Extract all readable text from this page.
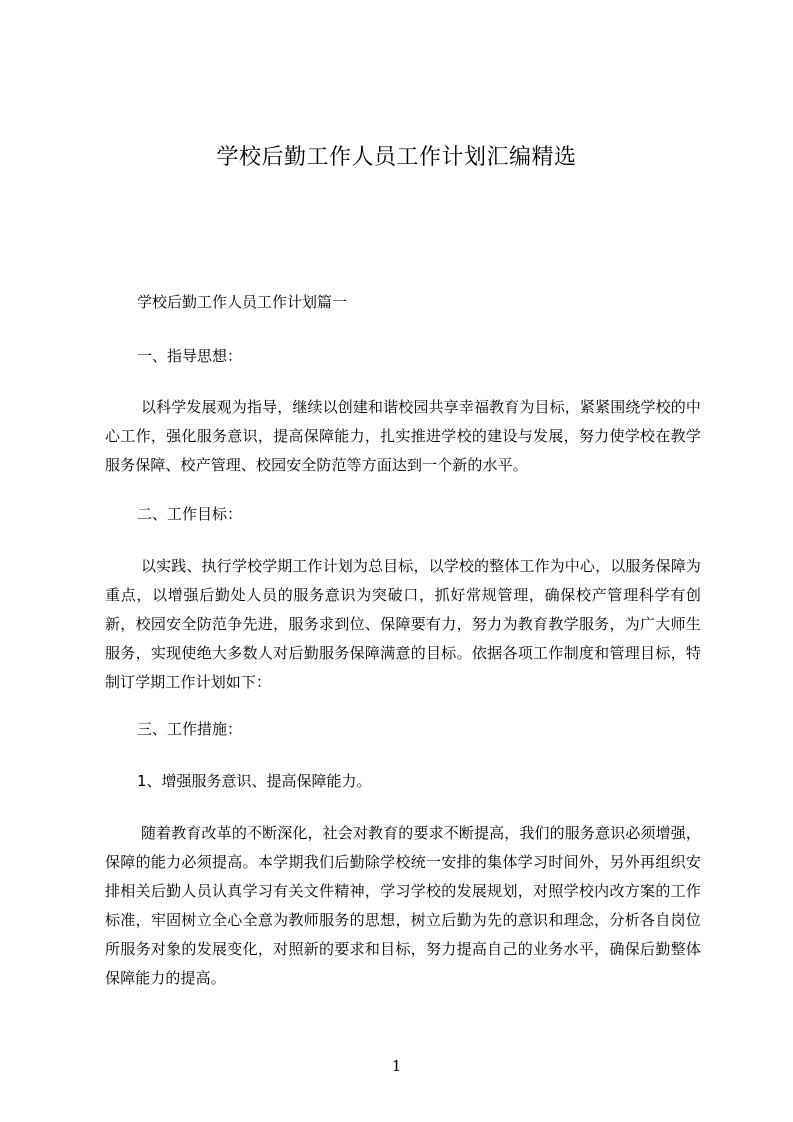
学校后勤工作人员工作计划汇编精选
学校后勤工作人员工作计划篇一
一、指导思想：
以科学发展观为指导，继续以创建和谐校园共享幸福教育为目标，紧紧围绕学校的中心工作，强化服务意识，提高保障能力，扎实推进学校的建设与发展，努力使学校在教学服务保障、校产管理、校园安全防范等方面达到一个新的水平。
二、工作目标：
以实践、执行学校学期工作计划为总目标，以学校的整体工作为中心，以服务保障为重点，以增强后勤处人员的服务意识为突破口，抓好常规管理，确保校产管理科学有创新，校园安全防范争先进，服务求到位、保障要有力，努力为教育教学服务，为广大师生服务，实现使绝大多数人对后勤服务保障满意的目标。依据各项工作制度和管理目标，特制订学期工作计划如下：
三、工作措施：
1、增强服务意识、提高保障能力。
随着教育改革的不断深化，社会对教育的要求不断提高，我们的服务意识必须增强，保障的能力必须提高。本学期我们后勤除学校统一安排的集体学习时间外，另外再组织安排相关后勤人员认真学习有关文件精神，学习学校的发展规划，对照学校内改方案的工作标准，牢固树立全心全意为教师服务的思想，树立后勤为先的意识和理念，分析各自岗位所服务对象的发展变化，对照新的要求和目标，努力提高自己的业务水平，确保后勤整体保障能力的提高。
1
